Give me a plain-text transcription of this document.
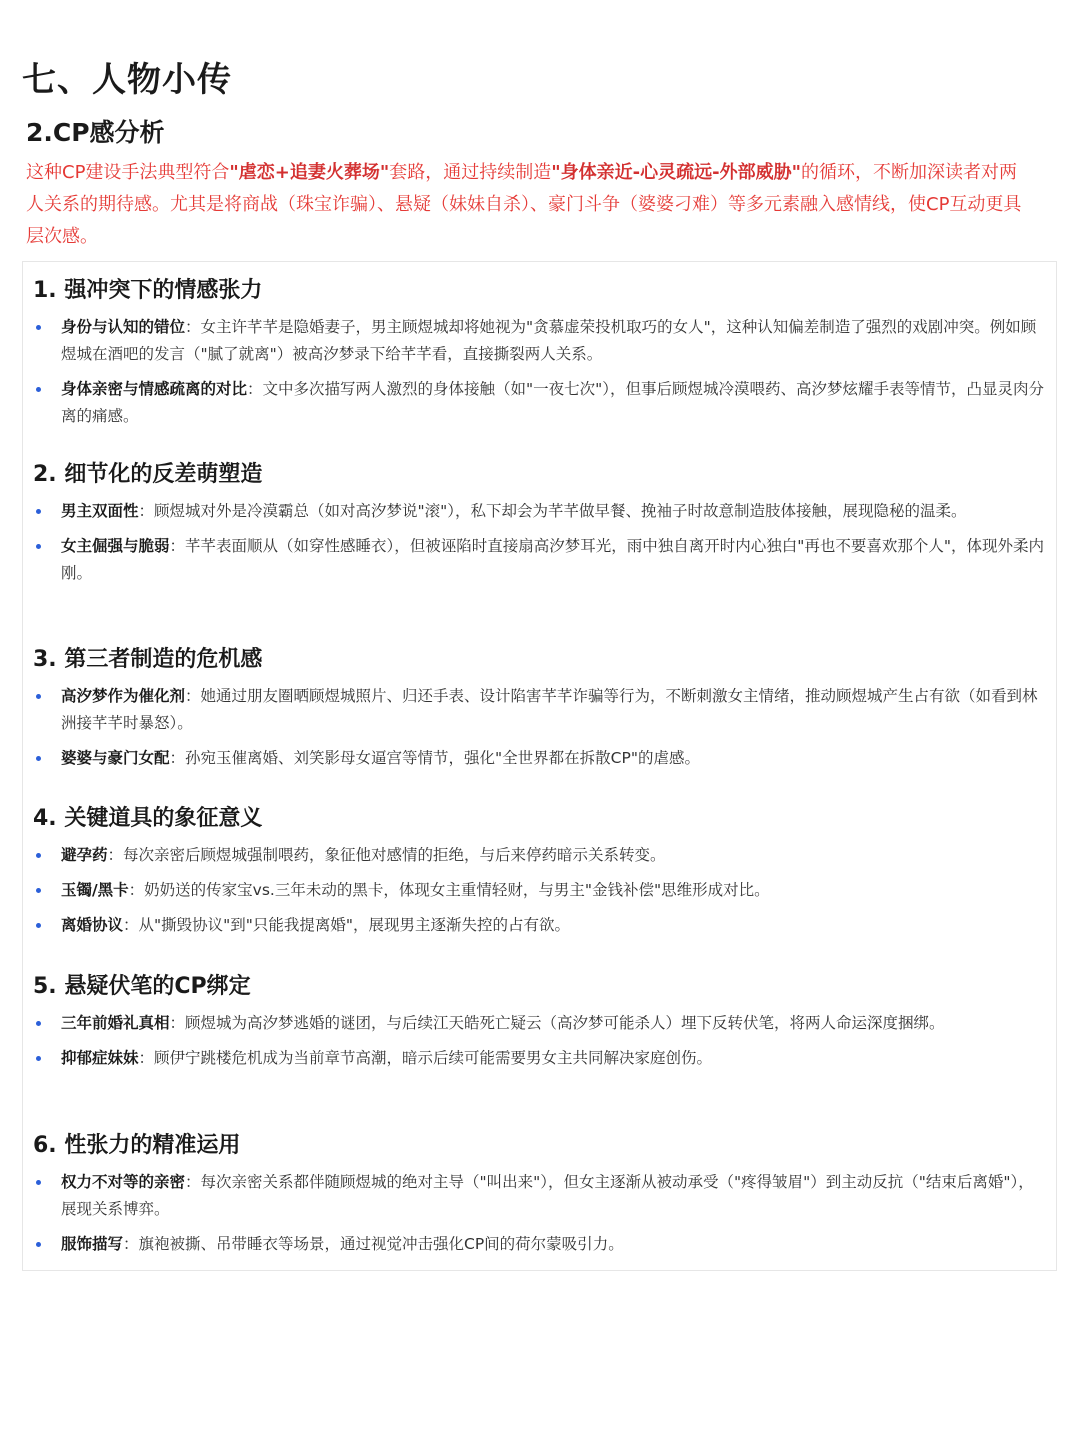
七、人物小传
2.CP感分析

这种CP建设手法典型符合"虐恋+追妻火葬场"套路，通过持续制造"身体亲近-心灵疏远-外部威胁"的循环，不断加深读者对两人关系的期待感。尤其是将商战（珠宝诈骗）、悬疑（妹妹自杀）、豪门斗争（婆婆刁难）等多元素融入感情线，使CP互动更具层次感。

1. 强冲突下的情感张力
身份与认知的错位：女主许芊芊是隐婚妻子，男主顾煜城却将她视为"贪慕虚荣投机取巧的女人"，这种认知偏差制造了强烈的戏剧冲突。例如顾煜城在酒吧的发言（"腻了就离"）被高汐梦录下给芊芊看，直接撕裂两人关系。
身体亲密与情感疏离的对比：文中多次描写两人激烈的身体接触（如"一夜七次"），但事后顾煜城冷漠喂药、高汐梦炫耀手表等情节，凸显灵肉分离的痛感。
2. 细节化的反差萌塑造
男主双面性：顾煜城对外是冷漠霸总（如对高汐梦说"滚"），私下却会为芊芊做早餐、挽袖子时故意制造肢体接触，展现隐秘的温柔。
女主倔强与脆弱：芊芊表面顺从（如穿性感睡衣），但被诬陷时直接扇高汐梦耳光，雨中独自离开时内心独白"再也不要喜欢那个人"，体现外柔内刚。
3. 第三者制造的危机感
高汐梦作为催化剂：她通过朋友圈晒顾煜城照片、归还手表、设计陷害芊芊诈骗等行为，不断刺激女主情绪，推动顾煜城产生占有欲（如看到林洲接芊芊时暴怒）。
婆婆与豪门女配：孙宛玉催离婚、刘笑影母女逼宫等情节，强化"全世界都在拆散CP"的虐感。
4. 关键道具的象征意义
避孕药：每次亲密后顾煜城强制喂药，象征他对感情的拒绝，与后来停药暗示关系转变。
玉镯/黑卡：奶奶送的传家宝vs.三年未动的黑卡，体现女主重情轻财，与男主"金钱补偿"思维形成对比。
离婚协议：从"撕毁协议"到"只能我提离婚"，展现男主逐渐失控的占有欲。
5. 悬疑伏笔的CP绑定
三年前婚礼真相：顾煜城为高汐梦逃婚的谜团，与后续江天皓死亡疑云（高汐梦可能杀人）埋下反转伏笔，将两人命运深度捆绑。
抑郁症妹妹：顾伊宁跳楼危机成为当前章节高潮，暗示后续可能需要男女主共同解决家庭创伤。
6. 性张力的精准运用
权力不对等的亲密：每次亲密关系都伴随顾煜城的绝对主导（"叫出来"），但女主逐渐从被动承受（"疼得皱眉"）到主动反抗（"结束后离婚"），展现关系博弈。
服饰描写：旗袍被撕、吊带睡衣等场景，通过视觉冲击强化CP间的荷尔蒙吸引力。
